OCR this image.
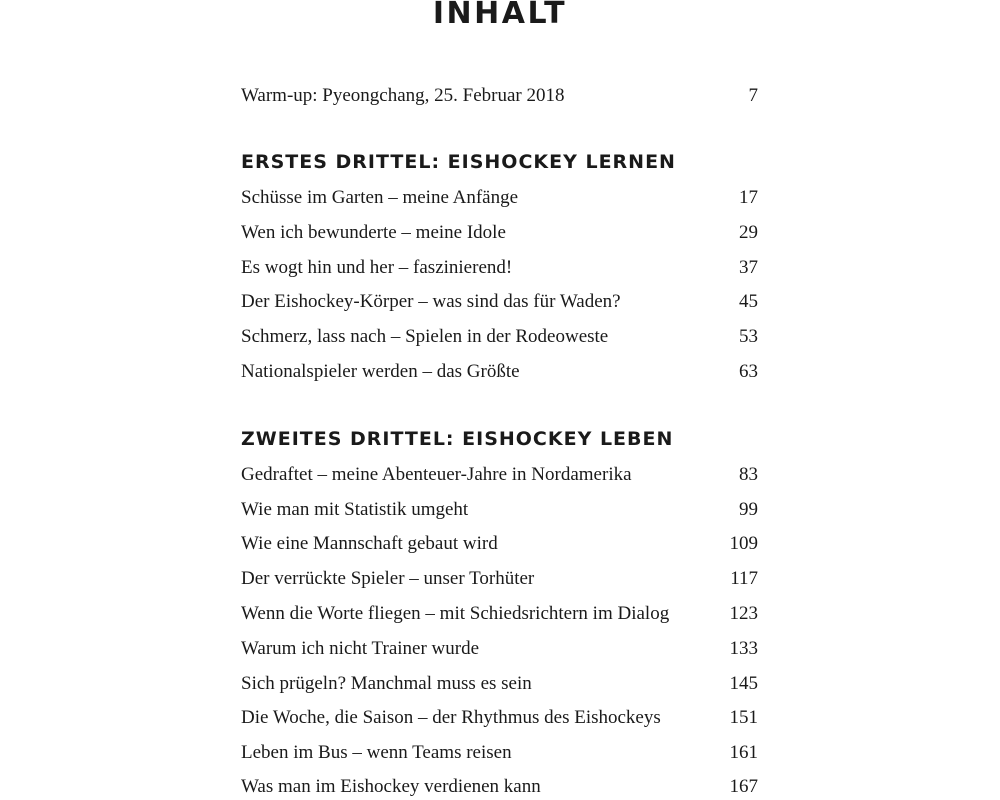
INHALT
Warm-up: Pyeongchang, 25. Februar 2018	7
ERSTES DRITTEL: EISHOCKEY LERNEN
Schüsse im Garten – meine Anfänge	17
Wen ich bewunderte – meine Idole	29
Es wogt hin und her – faszinierend!	37
Der Eishockey-Körper – was sind das für Waden?	45
Schmerz, lass nach – Spielen in der Rodeoweste	53
Nationalspieler werden – das Größte	63
ZWEITES DRITTEL: EISHOCKEY LEBEN
Gedraftet – meine Abenteuer-Jahre in Nordamerika	83
Wie man mit Statistik umgeht	99
Wie eine Mannschaft gebaut wird	109
Der verrückte Spieler – unser Torhüter	117
Wenn die Worte fliegen – mit Schiedsrichtern im Dialog	123
Warum ich nicht Trainer wurde	133
Sich prügeln? Manchmal muss es sein	145
Die Woche, die Saison – der Rhythmus des Eishockeys	151
Leben im Bus – wenn Teams reisen	161
Was man im Eishockey verdienen kann	167
